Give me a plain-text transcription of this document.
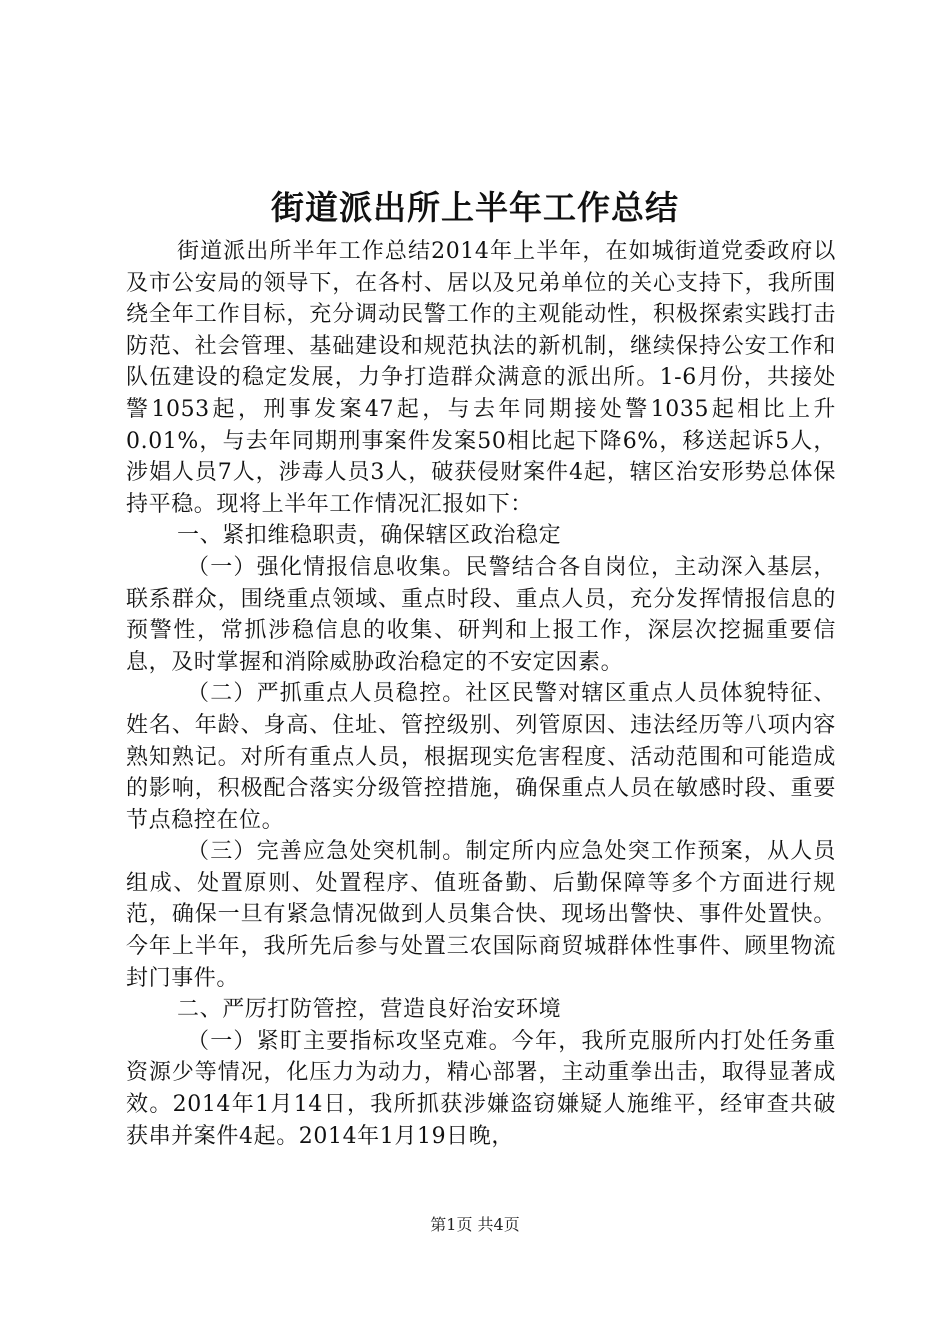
街道派出所上半年工作总结

街道派出所半年工作总结2014年上半年，在如城街道党委政府以及市公安局的领导下，在各村、居以及兄弟单位的关心支持下，我所围绕全年工作目标，充分调动民警工作的主观能动性，积极探索实践打击防范、社会管理、基础建设和规范执法的新机制，继续保持公安工作和队伍建设的稳定发展，力争打造群众满意的派出所。1-6月份，共接处警1053起，刑事发案47起，与去年同期接处警1035起相比上升0.01%，与去年同期刑事案件发案50相比起下降6%，移送起诉5人，涉娼人员7人，涉毒人员3人，破获侵财案件4起，辖区治安形势总体保持平稳。现将上半年工作情况汇报如下：

一、紧扣维稳职责，确保辖区政治稳定

（一）强化情报信息收集。民警结合各自岗位，主动深入基层，联系群众，围绕重点领域、重点时段、重点人员，充分发挥情报信息的预警性，常抓涉稳信息的收集、研判和上报工作，深层次挖掘重要信息，及时掌握和消除威胁政治稳定的不安定因素。

（二）严抓重点人员稳控。社区民警对辖区重点人员体貌特征、姓名、年龄、身高、住址、管控级别、列管原因、违法经历等八项内容熟知熟记。对所有重点人员，根据现实危害程度、活动范围和可能造成的影响，积极配合落实分级管控措施，确保重点人员在敏感时段、重要节点稳控在位。

（三）完善应急处突机制。制定所内应急处突工作预案，从人员组成、处置原则、处置程序、值班备勤、后勤保障等多个方面进行规范，确保一旦有紧急情况做到人员集合快、现场出警快、事件处置快。今年上半年，我所先后参与处置三农国际商贸城群体性事件、顾里物流封门事件。

二、严厉打防管控，营造良好治安环境

（一）紧盯主要指标攻坚克难。今年，我所克服所内打处任务重资源少等情况，化压力为动力，精心部署，主动重拳出击，取得显著成效。2014年1月14日，我所抓获涉嫌盗窃嫌疑人施维平，经审查共破获串并案件4起。2014年1月19日晚，

第1页 共4页
